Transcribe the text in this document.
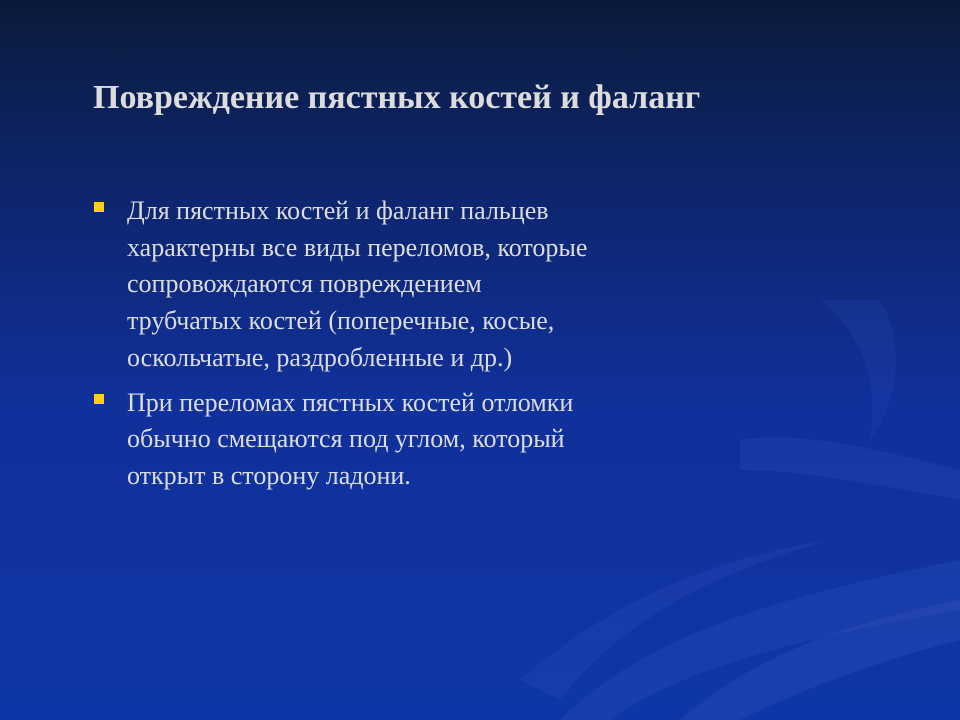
Повреждение пястных костей и фаланг
Для пястных костей и фаланг пальцев
характерны все виды переломов, которые
сопровождаются повреждением
трубчатых костей (поперечные, косые,
оскольчатые, раздробленные и др.)
При переломах пястных костей отломки
обычно смещаются под углом, который
открыт в сторону ладони.
